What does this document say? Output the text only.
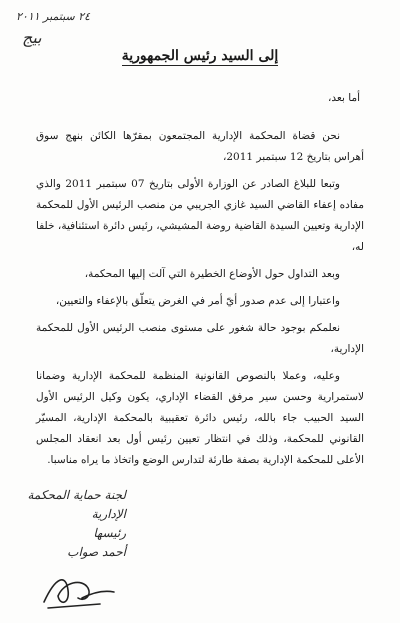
٢٤ سبتمبر ٢٠١١
بيج
إلى السيد رئيس الجمهورية
أما بعد،

نحن قضاة المحكمة الإدارية المجتمعون بمقرّها الكائن بنهج سوق أهراس بتاريخ 12 سبتمبر 2011،

وتبعا للبلاغ الصادر عن الوزارة الأولى بتاريخ 07 سبتمبر 2011 والذي مفاده إعفاء القاضي السيد غازي الجريبي من منصب الرئيس الأول للمحكمة الإدارية وتعيين السيدة القاضية روضة المشيشي، رئيس دائرة استئنافية، خلفا له،

وبعد التداول حول الأوضاع الخطيرة التي آلت إليها المحكمة،

واعتبارا إلى عدم صدور أيّ أمر في الغرض يتعلّق بالإعفاء والتعيين،

نعلمكم بوجود حالة شغور على مستوى منصب الرئيس الأول للمحكمة الإدارية،

وعليه، وعملا بالنصوص القانونية المنظمة للمحكمة الإدارية وضمانا لاستمرارية وحسن سير مرفق القضاء الإداري، يكون وكيل الرئيس الأول السيد الحبيب جاء بالله، رئيس دائرة تعقيبية بالمحكمة الإدارية، المسيّر القانوني للمحكمة، وذلك في انتظار تعيين رئيس أول بعد انعقاد المجلس الأعلى للمحكمة الإدارية بصفة طارئة لتدارس الوضع واتخاذ ما يراه مناسبا.

لجنة حماية المحكمة
الإدارية
رئيسها
أحمد صواب
